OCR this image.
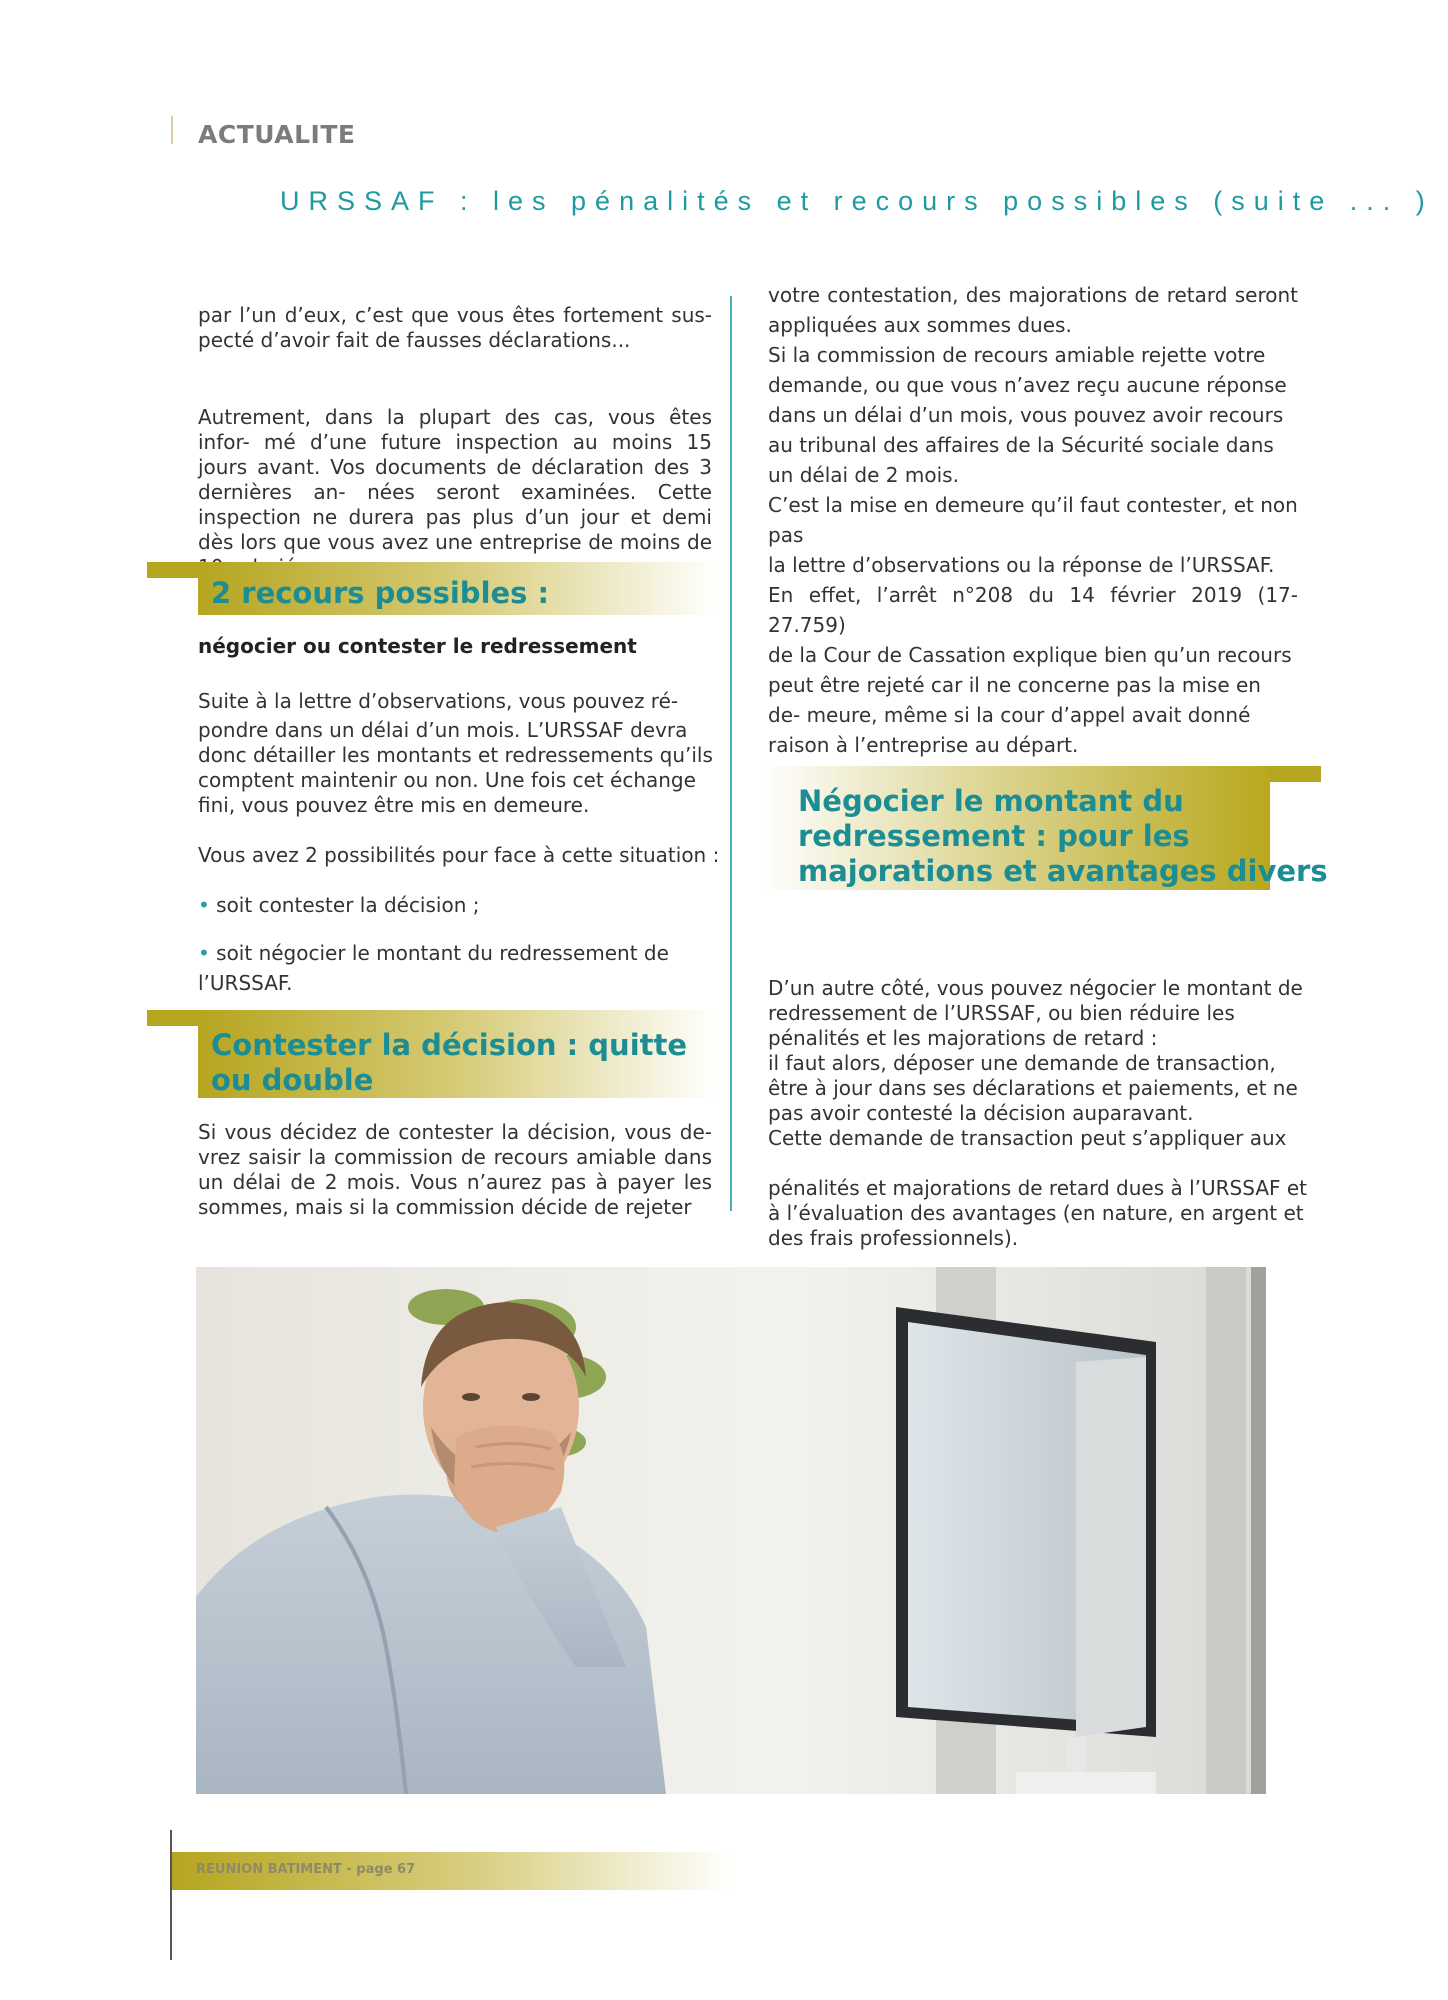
ACTUALITE
URSSAF : les pénalités et recours possibles (suite ... )

par l’un d’eux, c’est que vous êtes fortement sus- pecté d’avoir fait de fausses déclarations...

Autrement, dans la plupart des cas, vous êtes infor- mé d’une future inspection au moins 15 jours avant. Vos documents de déclaration des 3 dernières an- nées seront examinées. Cette inspection ne durera pas plus d’un jour et demi dès lors que vous avez une entreprise de moins de

2 recours possibles :
négocier ou contester le redressement

Suite à la lettre d’observations, vous pouvez ré-

pondre dans un délai d’un mois. L’URSSAF devra donc détailler les montants et redressements qu’ils comptent maintenir ou non. Une fois cet échange fini, vous pouvez être mis en demeure.

Vous avez 2 possibilités pour face à cette situation :

• soit contester la décision ;

• soit négocier le montant du redressement de
l’URSSAF.

Contester la décision : quitte ou double

Si vous décidez de contester la décision, vous de- vrez saisir la commission de recours amiable dans un délai de 2 mois. Vous n’aurez pas à payer les sommes, mais si la commission décide de rejeter

votre contestation, des majorations de retard seront appliquées aux sommes dues.

Si la commission de recours amiable rejette votre demande, ou que vous n’avez reçu aucune réponse dans un délai d’un mois, vous pouvez avoir recours au tribunal des affaires de la Sécurité sociale dans un délai de 2 mois.

C’est la mise en demeure qu’il faut contester, et non pas

la lettre d’observations ou la réponse de l’URSSAF.

En effet, l’arrêt n°208 du 14 février 2019 (17-27.759)

de la Cour de Cassation explique bien qu’un recours peut être rejeté car il ne concerne pas la mise en de- meure, même si la cour d’appel avait donné raison à l’entreprise au départ.

Négocier le montant du redressement : pour les majorations et avantages divers

D’un autre côté, vous pouvez négocier le montant de redressement de l’URSSAF, ou bien réduire les pénalités et les majorations de retard :

il faut alors, déposer une demande de transaction, être à jour dans ses déclarations et paiements, et ne pas avoir contesté la décision auparavant.

Cette demande de transaction peut s’appliquer aux

pénalités et majorations de retard dues à l’URSSAF et à l’évaluation des avantages (en nature, en argent et des frais professionnels).

REUNION BATIMENT - page 67
